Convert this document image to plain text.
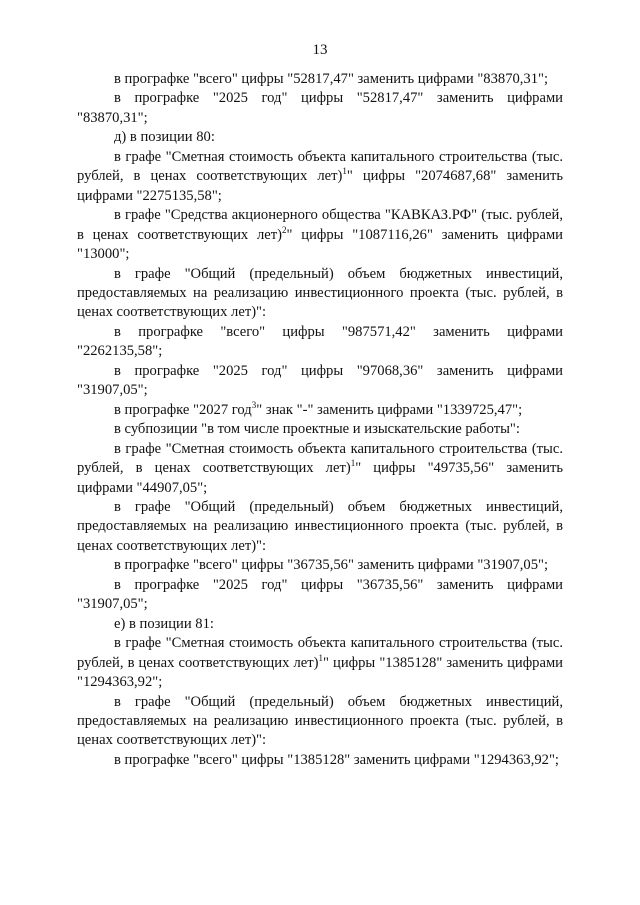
13

в прографке "всего" цифры "52817,47" заменить цифрами "83870,31";

в прографке "2025 год" цифры "52817,47" заменить цифрами "83870,31";

д) в позиции 80:

в графе "Сметная стоимость объекта капитального строительства (тыс. рублей, в ценах соответствующих лет)$^1$" цифры "2074687,68" заменить цифрами "2275135,58";

в графе "Средства акционерного общества "КАВКАЗ.РФ" (тыс. рублей, в ценах соответствующих лет)$^2$" цифры "1087116,26" заменить цифрами "13000";

в графе "Общий (предельный) объем бюджетных инвестиций, предоставляемых на реализацию инвестиционного проекта (тыс. рублей, в ценах соответствующих лет)":

в прографке "всего" цифры "987571,42" заменить цифрами "2262135,58";

в прографке "2025 год" цифры "97068,36" заменить цифрами "31907,05";

в прографке "2027 год$^3$" знак "-" заменить цифрами "1339725,47";

в субпозиции "в том числе проектные и изыскательские работы":

в графе "Сметная стоимость объекта капитального строительства (тыс. рублей, в ценах соответствующих лет)$^1$" цифры "49735,56" заменить цифрами "44907,05";

в графе "Общий (предельный) объем бюджетных инвестиций, предоставляемых на реализацию инвестиционного проекта (тыс. рублей, в ценах соответствующих лет)":

в прографке "всего" цифры "36735,56" заменить цифрами "31907,05";

в прографке "2025 год" цифры "36735,56" заменить цифрами "31907,05";

е) в позиции 81:

в графе "Сметная стоимость объекта капитального строительства (тыс. рублей, в ценах соответствующих лет)$^1$" цифры "1385128" заменить цифрами "1294363,92";

в графе "Общий (предельный) объем бюджетных инвестиций, предоставляемых на реализацию инвестиционного проекта (тыс. рублей, в ценах соответствующих лет)":

в прографке "всего" цифры "1385128" заменить цифрами "1294363,92";
